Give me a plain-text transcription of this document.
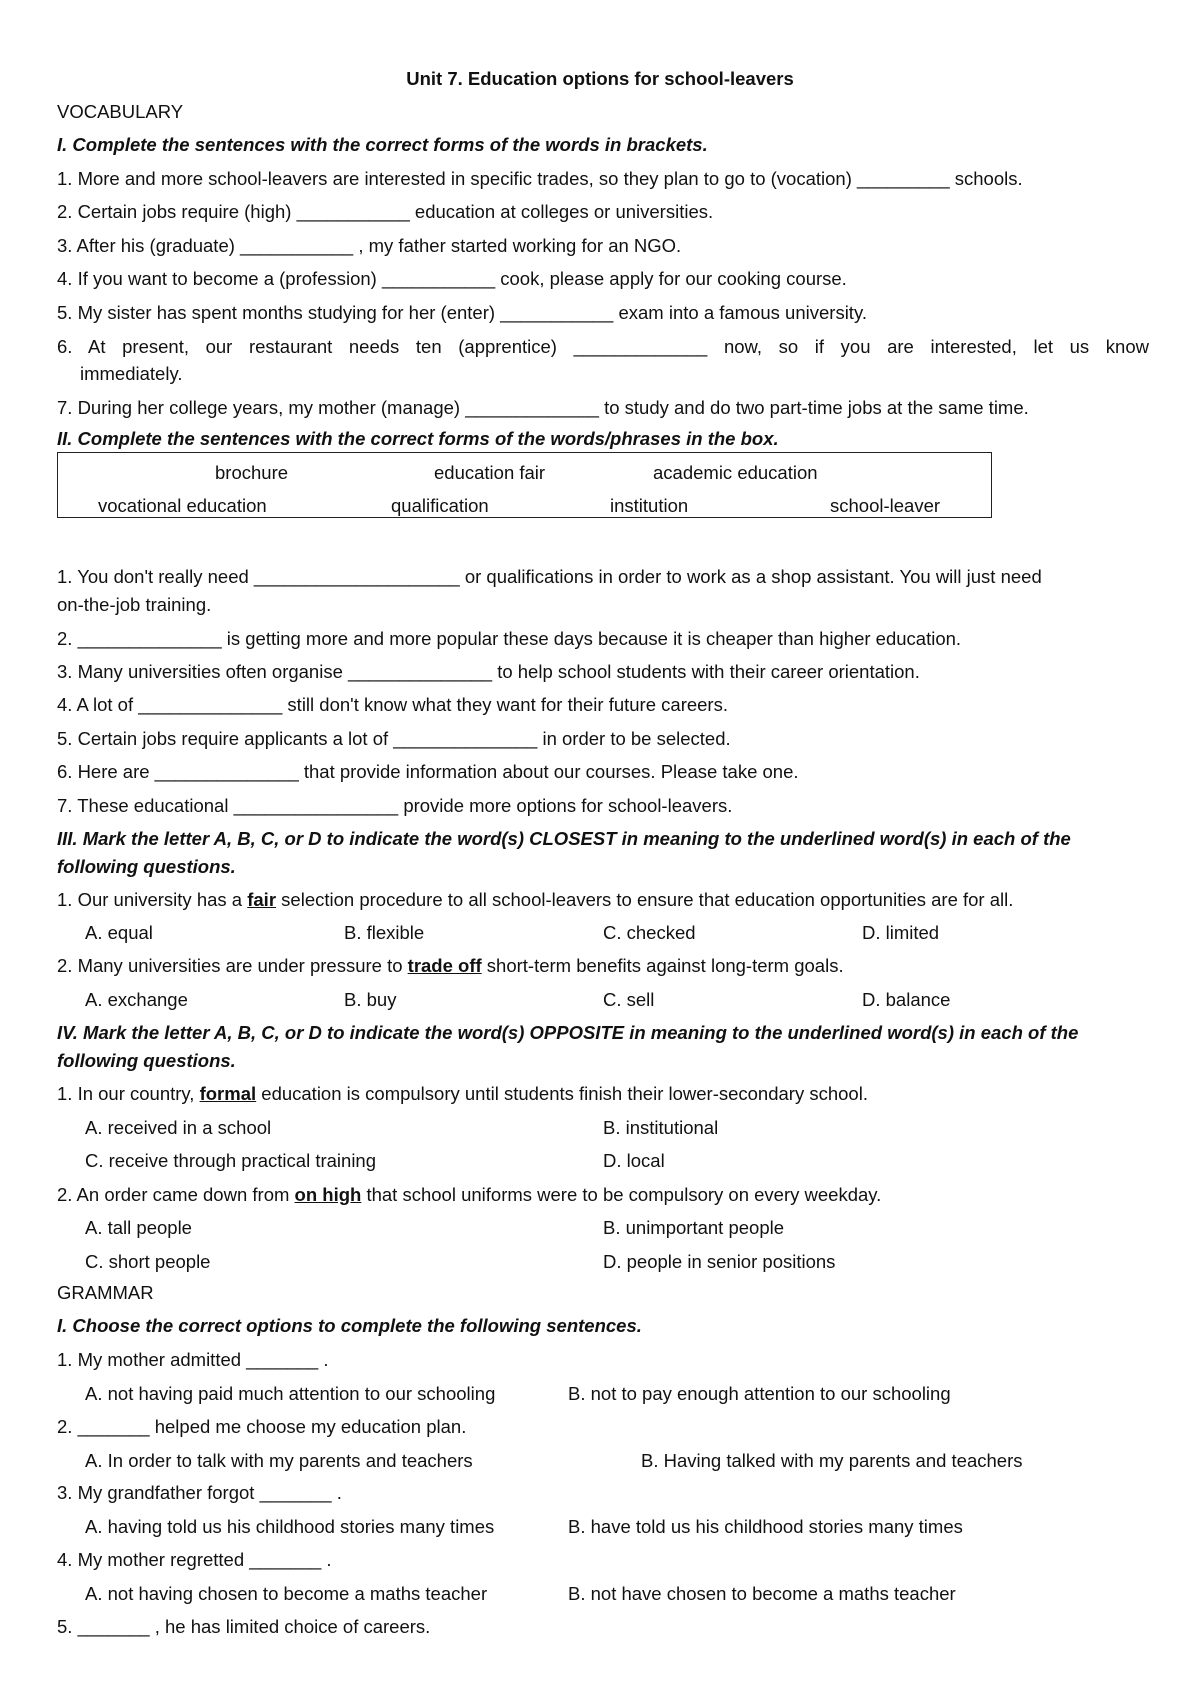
Unit 7. Education options for school-leavers
VOCABULARY
I. Complete the sentences with the correct forms of the words in brackets.
1. More and more school-leavers are interested in specific trades, so they plan to go to (vocation) _________ schools.
2. Certain jobs require (high) ___________ education at colleges or universities.
3. After his (graduate) ___________ , my father started working for an NGO.
4. If you want to become a (profession) ___________ cook, please apply for our cooking course.
5. My sister has spent months studying for her (enter) ___________ exam into a famous university.
6. At present, our restaurant needs ten (apprentice) _____________ now, so if you are interested, let us know
immediately.
7. During her college years, my mother (manage) _____________ to study and do two part-time jobs at the same time.
II. Complete the sentences with the correct forms of the words/phrases in the box.
brochure	education fair	academic education
vocational education	qualification	institution	school-leaver
1. You don't really need ____________________ or qualifications in order to work as a shop assistant. You will just need
on-the-job training.
2. ______________ is getting more and more popular these days because it is cheaper than higher education.
3. Many universities often organise ______________ to help school students with their career orientation.
4. A lot of ______________ still don't know what they want for their future careers.
5. Certain jobs require applicants a lot of ______________ in order to be selected.
6. Here are ______________ that provide information about our courses. Please take one.
7. These educational ________________ provide more options for school-leavers.
III. Mark the letter A, B, C, or D to indicate the word(s) CLOSEST in meaning to the underlined word(s) in each of the
following questions.
1. Our university has a fair selection procedure to all school-leavers to ensure that education opportunities are for all.
A. equal	B. flexible	C. checked	D. limited
2. Many universities are under pressure to trade off short-term benefits against long-term goals.
A. exchange	B. buy	C. sell	D. balance
IV. Mark the letter A, B, C, or D to indicate the word(s) OPPOSITE in meaning to the underlined word(s) in each of the
following questions.
1. In our country, formal education is compulsory until students finish their lower-secondary school.
A. received in a school	B. institutional
C. receive through practical training	D. local
2. An order came down from on high that school uniforms were to be compulsory on every weekday.
A. tall people	B. unimportant people
C. short people	D. people in senior positions
GRAMMAR
I. Choose the correct options to complete the following sentences.
1. My mother admitted _______ .
A. not having paid much attention to our schooling	B. not to pay enough attention to our schooling
2. _______ helped me choose my education plan.
A. In order to talk with my parents and teachers	B. Having talked with my parents and teachers
3. My grandfather forgot _______ .
A. having told us his childhood stories many times	B. have told us his childhood stories many times
4. My mother regretted _______ .
A. not having chosen to become a maths teacher	B. not have chosen to become a maths teacher
5. _______ , he has limited choice of careers.
